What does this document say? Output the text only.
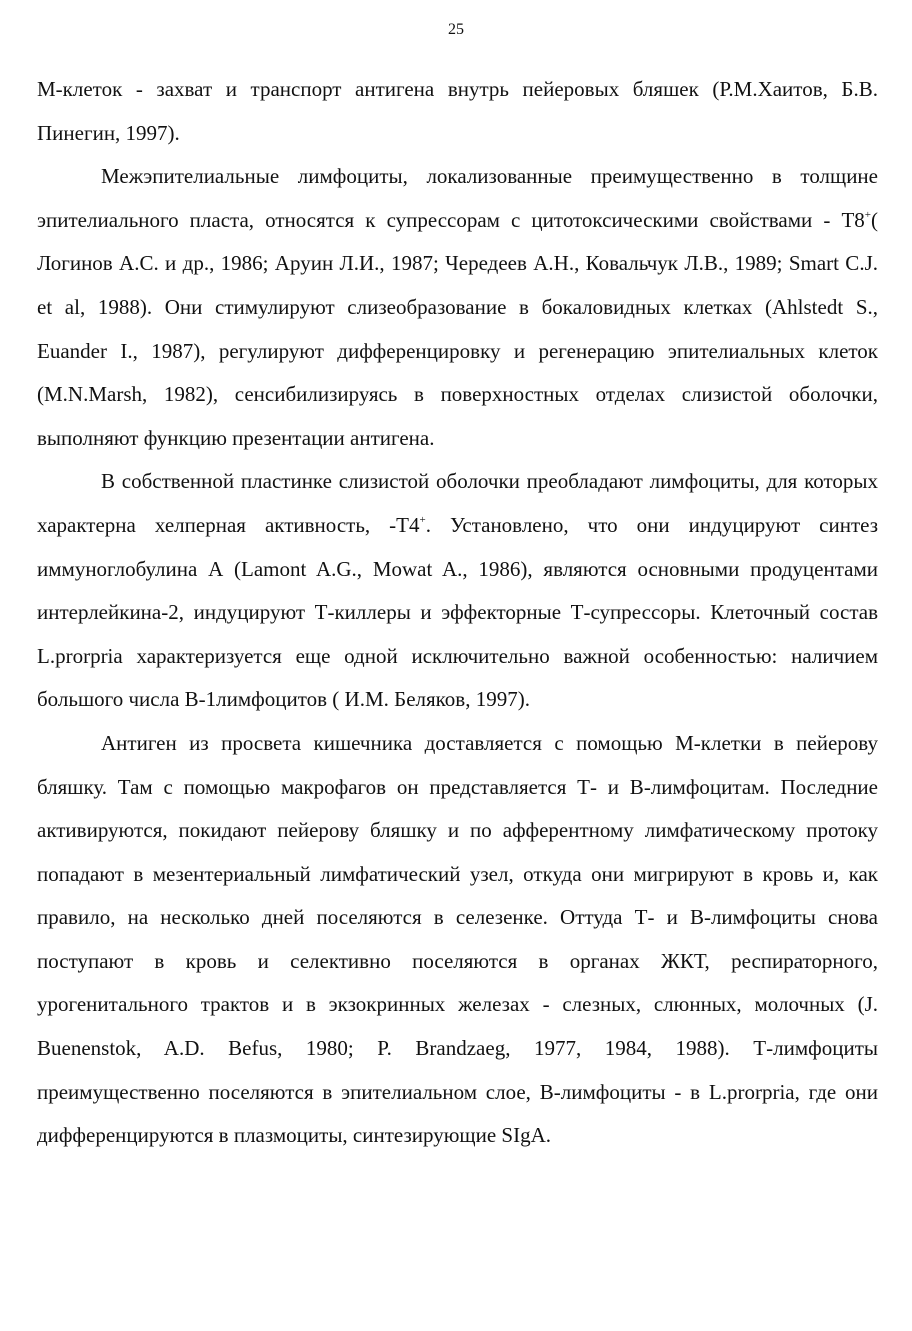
25

М-клеток - захват и транспорт антигена внутрь пейеровых бляшек (Р.М.Хаитов, Б.В. Пинегин, 1997).

Межэпителиальные лимфоциты, локализованные преимущественно в толщине эпителиального пласта, относятся к супрессорам с цитотоксическими свойствами - Т8+( Логинов А.С. и др., 1986; Аруин Л.И., 1987; Чередеев А.Н., Ковальчук Л.В., 1989; Smart C.J. et al, 1988). Они стимулируют слизеобразование в бокаловидных клетках (Ahlstedt S., Euander I., 1987), регулируют дифференцировку и регенерацию эпителиальных клеток (M.N.Marsh, 1982), сенсибилизируясь в поверхностных отделах слизистой оболочки, выполняют функцию презентации антигена.

В собственной пластинке слизистой оболочки преобладают лимфоциты, для которых характерна хелперная активность, -Т4+. Установлено, что они индуцируют синтез иммуноглобулина А (Lamont A.G., Mowat A., 1986), являются основными продуцентами интерлейкина-2, индуцируют Т-киллеры и эффекторные Т-супрессоры. Клеточный состав L.prorpria характеризуется еще одной исключительно важной особенностью: наличием большого числа В-1лимфоцитов ( И.М. Беляков, 1997).

Антиген из просвета кишечника доставляется с помощью М-клетки в пейерову бляшку. Там с помощью макрофагов он представляется Т- и В-лимфоцитам. Последние активируются, покидают пейерову бляшку и по афферентному лимфатическому протоку попадают в мезентериальный лимфатический узел, откуда они мигрируют в кровь и, как правило, на несколько дней поселяются в селезенке. Оттуда Т- и В-лимфоциты снова поступают в кровь и селективно поселяются в органах ЖКТ, респираторного, урогенитального трактов и в экзокринных железах - слезных, слюнных, молочных (J. Buenenstok, A.D. Befus, 1980; P. Brandzaeg, 1977, 1984, 1988). Т-лимфоциты преимущественно поселяются в эпителиальном слое, В-лимфоциты - в L.prorpria, где они дифференцируются в плазмоциты, синтезирующие SIgA.
